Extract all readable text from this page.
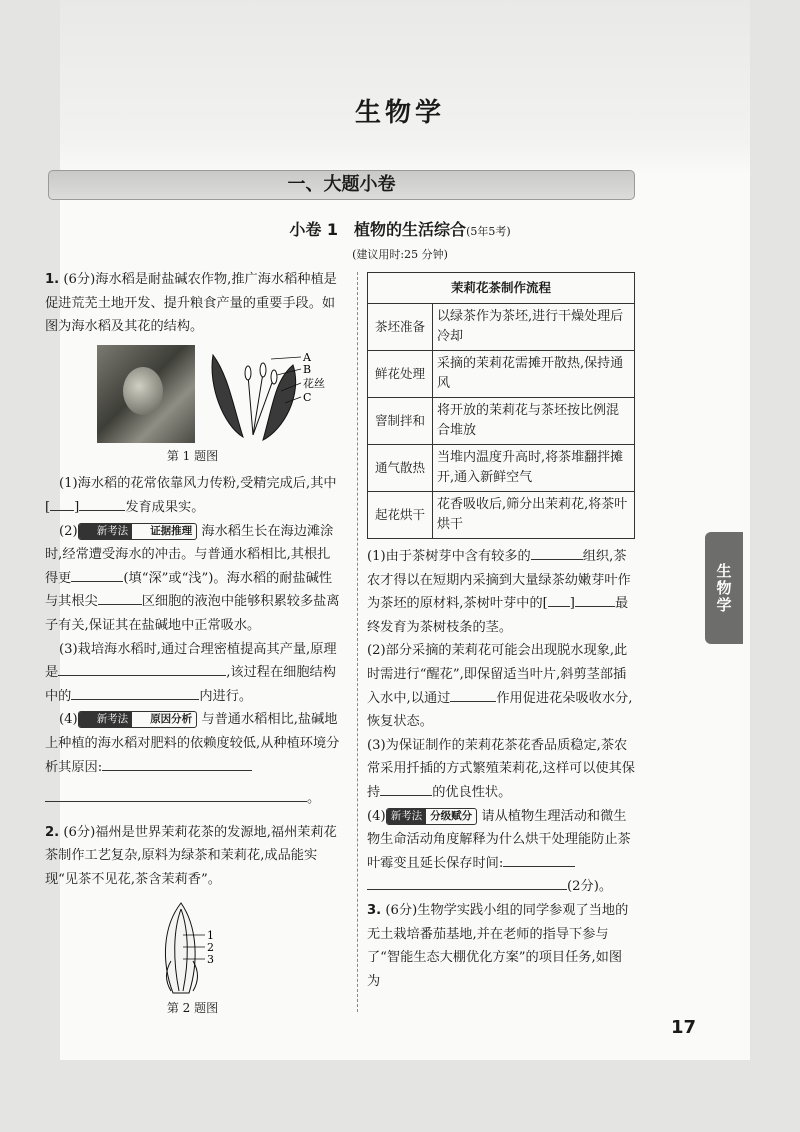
生物学
一、大题小卷
小卷 1　植物的生活综合(5年5考)
(建议用时:25 分钟)

1. (6分)海水稻是耐盐碱农作物,推广海水稻种植是促进荒芜土地开发、提升粮食产量的重要手段。如图为海水稻及其花的结构。

A
B
花丝
C

第 1 题图

(1)海水稻的花常依靠风力传粉,受精完成后,其中[ ]	发育成果实。

(2)	新考法	证据推理 海水稻生长在海边滩涂时,经常遭受海水的冲击。与普通水稻相比,其根扎得更	(填“深”或“浅”)。海水稻的耐盐碱性与其根尖	区细胞的液泡中能够积累较多盐离子有关,保证其在盐碱地中正常吸水。

(3)栽培海水稻时,通过合理密植提高其产量,原理是	,该过程在细胞结构中的	内进行。

(4)	新考法	原因分析 与普通水稻相比,盐碱地上种植的海水稻对肥料的依赖度较低,从种植环境分析其原因:

。

2. (6分)福州是世界茉莉花茶的发源地,福州茉莉花茶制作工艺复杂,原料为绿茶和茉莉花,成品能实现“见茶不见花,茶含茉莉香”。

1
2
3

第 2 题图

茉莉花茶制作流程	
茶坯准备	以绿茶作为茶坯,进行干燥处理后冷却
鲜花处理	采摘的茉莉花需摊开散热,保持通风
窨制拌和	将开放的茉莉花与茶坯按比例混合堆放
通气散热	当堆内温度升高时,将茶堆翻拌摊开,通入新鲜空气
起花烘干	花香吸收后,筛分出茉莉花,将茶叶烘干

(1)由于茶树芽中含有较多的	组织,茶农才得以在短期内采摘到大量绿茶幼嫩芽叶作为茶坯的原材料,茶树叶芽中的[ ]	最终发育为茶树枝条的茎。

(2)部分采摘的茉莉花可能会出现脱水现象,此时需进行“醒花”,即保留适当叶片,斜剪茎部插入水中,以通过	作用促进花朵吸收水分,恢复状态。

(3)为保证制作的茉莉花茶花香品质稳定,茶农常采用扦插的方式繁殖茉莉花,这样可以使其保持	的优良性状。

(4) 新考法 分级赋分 请从植物生理活动和微生物生命活动角度解释为什么烘干处理能防止茶叶霉变且延长保存时间:

(2分)。

3. (6分)生物学实践小组的同学参观了当地的无土栽培番茄基地,并在老师的指导下参与了“智能生态大棚优化方案”的项目任务,如图为

生物学
17
